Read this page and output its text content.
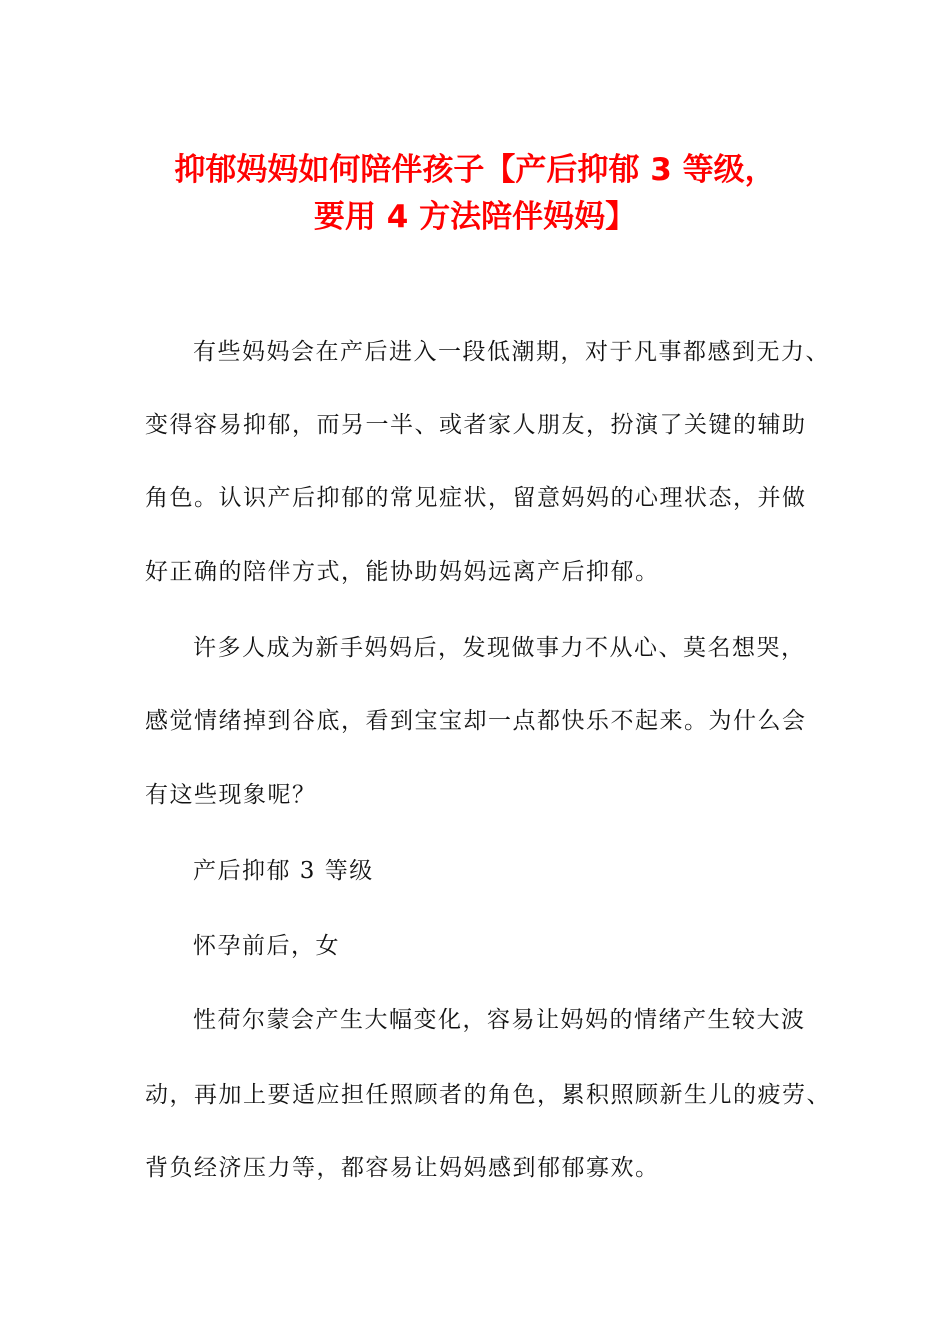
抑郁妈妈如何陪伴孩子【产后抑郁 3 等级，
要用 4 方法陪伴妈妈】
有些妈妈会在产后进入一段低潮期，对于凡事都感到无力、
变得容易抑郁，而另一半、或者家人朋友，扮演了关键的辅助
角色。认识产后抑郁的常见症状，留意妈妈的心理状态，并做
好正确的陪伴方式，能协助妈妈远离产后抑郁。
许多人成为新手妈妈后，发现做事力不从心、莫名想哭，
感觉情绪掉到谷底，看到宝宝却一点都快乐不起来。为什么会
有这些现象呢？
产后抑郁 3 等级
怀孕前后，女
性荷尔蒙会产生大幅变化，容易让妈妈的情绪产生较大波
动，再加上要适应担任照顾者的角色，累积照顾新生儿的疲劳、
背负经济压力等，都容易让妈妈感到郁郁寡欢。
